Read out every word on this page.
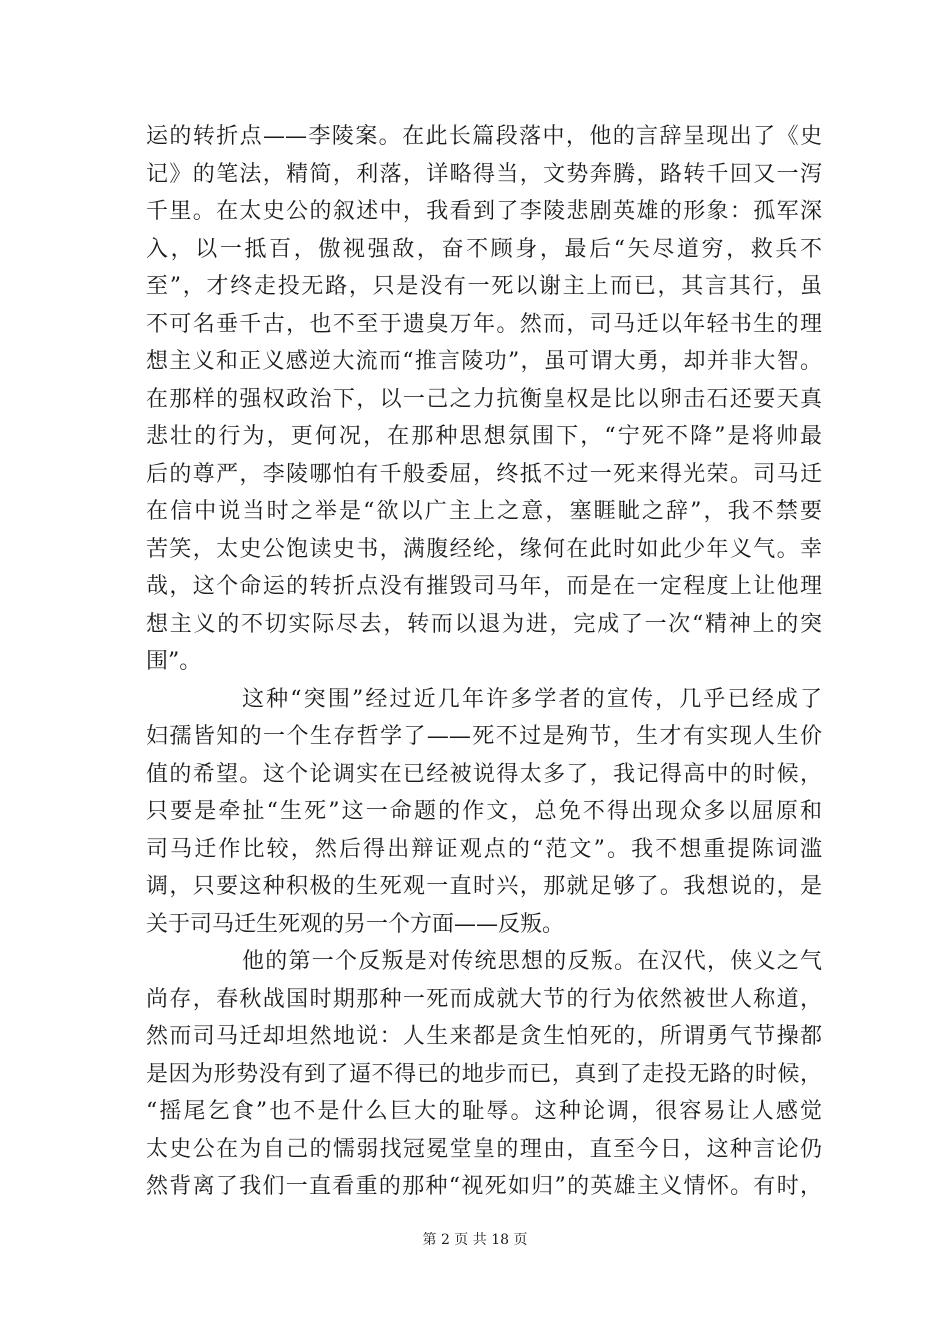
运的转折点——李陵案。在此长篇段落中，他的言辞呈现出了《史
记》的笔法，精简，利落，详略得当，文势奔腾，路转千回又一泻
千里。在太史公的叙述中，我看到了李陵悲剧英雄的形象：孤军深
入，以一抵百，傲视强敌，奋不顾身，最后“矢尽道穷，救兵不
至”，才终走投无路，只是没有一死以谢主上而已，其言其行，虽
不可名垂千古，也不至于遗臭万年。然而，司马迁以年轻书生的理
想主义和正义感逆大流而“推言陵功”，虽可谓大勇，却并非大智。
在那样的强权政治下，以一己之力抗衡皇权是比以卵击石还要天真
悲壮的行为，更何况，在那种思想氛围下，“宁死不降”是将帅最
后的尊严，李陵哪怕有千般委屈，终抵不过一死来得光荣。司马迁
在信中说当时之举是“欲以广主上之意，塞睚眦之辞”，我不禁要
苦笑，太史公饱读史书，满腹经纶，缘何在此时如此少年义气。幸
哉，这个命运的转折点没有摧毁司马年，而是在一定程度上让他理
想主义的不切实际尽去，转而以退为进，完成了一次“精神上的突
围”。
这种“突围”经过近几年许多学者的宣传，几乎已经成了
妇孺皆知的一个生存哲学了——死不过是殉节，生才有实现人生价
值的希望。这个论调实在已经被说得太多了，我记得高中的时候，
只要是牵扯“生死”这一命题的作文，总免不得出现众多以屈原和
司马迁作比较，然后得出辩证观点的“范文”。我不想重提陈词滥
调，只要这种积极的生死观一直时兴，那就足够了。我想说的，是
关于司马迁生死观的另一个方面——反叛。
他的第一个反叛是对传统思想的反叛。在汉代，侠义之气
尚存，春秋战国时期那种一死而成就大节的行为依然被世人称道，
然而司马迁却坦然地说：人生来都是贪生怕死的，所谓勇气节操都
是因为形势没有到了逼不得已的地步而已，真到了走投无路的时候，
“摇尾乞食”也不是什么巨大的耻辱。这种论调，很容易让人感觉
太史公在为自己的懦弱找冠冕堂皇的理由，直至今日，这种言论仍
然背离了我们一直看重的那种“视死如归”的英雄主义情怀。有时，
第 2 页 共 18 页
